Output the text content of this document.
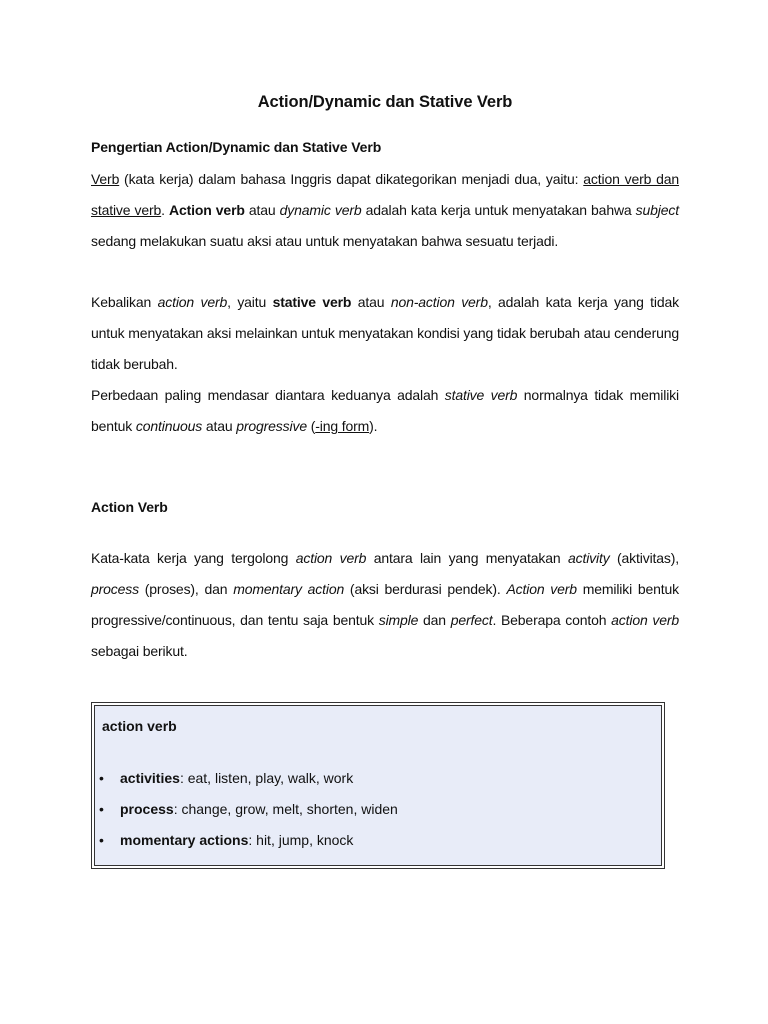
Action/Dynamic dan Stative Verb
Pengertian Action/Dynamic dan Stative Verb

Verb (kata kerja) dalam bahasa Inggris dapat dikategorikan menjadi dua, yaitu: action verb dan stative verb. Action verb atau dynamic verb adalah kata kerja untuk menyatakan bahwa subject sedang melakukan suatu aksi atau untuk menyatakan bahwa sesuatu terjadi.

Kebalikan action verb, yaitu stative verb atau non-action verb, adalah kata kerja yang tidak untuk menyatakan aksi melainkan untuk menyatakan kondisi yang tidak berubah atau cenderung tidak berubah.

Perbedaan paling mendasar diantara keduanya adalah stative verb normalnya tidak memiliki bentuk continuous atau progressive (-ing form).

Action Verb

Kata-kata kerja yang tergolong action verb antara lain yang menyatakan activity (aktivitas), process (proses), dan momentary action (aksi berdurasi pendek). Action verb memiliki bentuk progressive/continuous, dan tentu saja bentuk simple dan perfect. Beberapa contoh action verb sebagai berikut.

action verb

• activities: eat, listen, play, walk, work
• process: change, grow, melt, shorten, widen
• momentary actions: hit, jump, knock
